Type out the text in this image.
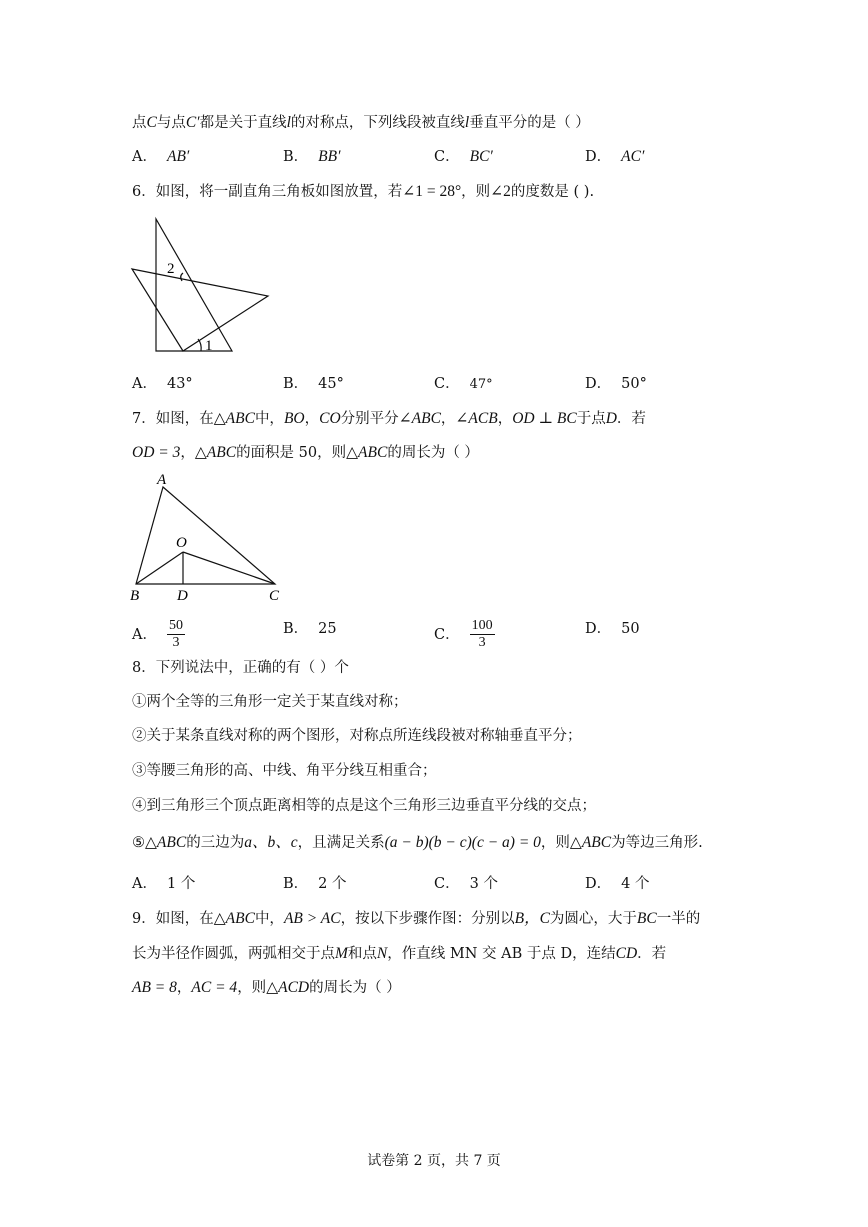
点C与点C′都是关于直线l的对称点，下列线段被直线l垂直平分的是（ ）
A． AB′	B． BB′	C． BC′	D． AC′
6．如图，将一副直角三角板如图放置，若∠1 = 28°，则∠2的度数是 ( ).
2
1
A． 43°	B． 45°	C． 47°	D． 50°
7．如图，在△ABC中，BO，CO分别平分∠ABC，∠ACB，OD ⊥ BC于点D．若
OD = 3，△ABC的面积是 50，则△ABC的周长为（ ）
A
O
B	D	C
A． $\frac{50}{3}$	B． 25	C． $\frac{100}{3}$	D． 50
8．下列说法中，正确的有（ ）个
①两个全等的三角形一定关于某直线对称；
②关于某条直线对称的两个图形，对称点所连线段被对称轴垂直平分；
③等腰三角形的高、中线、角平分线互相重合；
④到三角形三个顶点距离相等的点是这个三角形三边垂直平分线的交点；
⑤△ABC的三边为a、b、c，且满足关系(a − b)(b − c)(c − a) = 0，则△ABC为等边三角形.
A． 1 个	B． 2 个	C． 3 个	D． 4 个
9．如图，在△ABC中，AB > AC，按以下步骤作图：分别以B，C为圆心，大于BC一半的
长为半径作圆弧，两弧相交于点M和点N，作直线 MN 交 AB 于点 D，连结CD．若
AB = 8，AC = 4，则△ACD的周长为（ ）
试卷第 2 页，共 7 页
